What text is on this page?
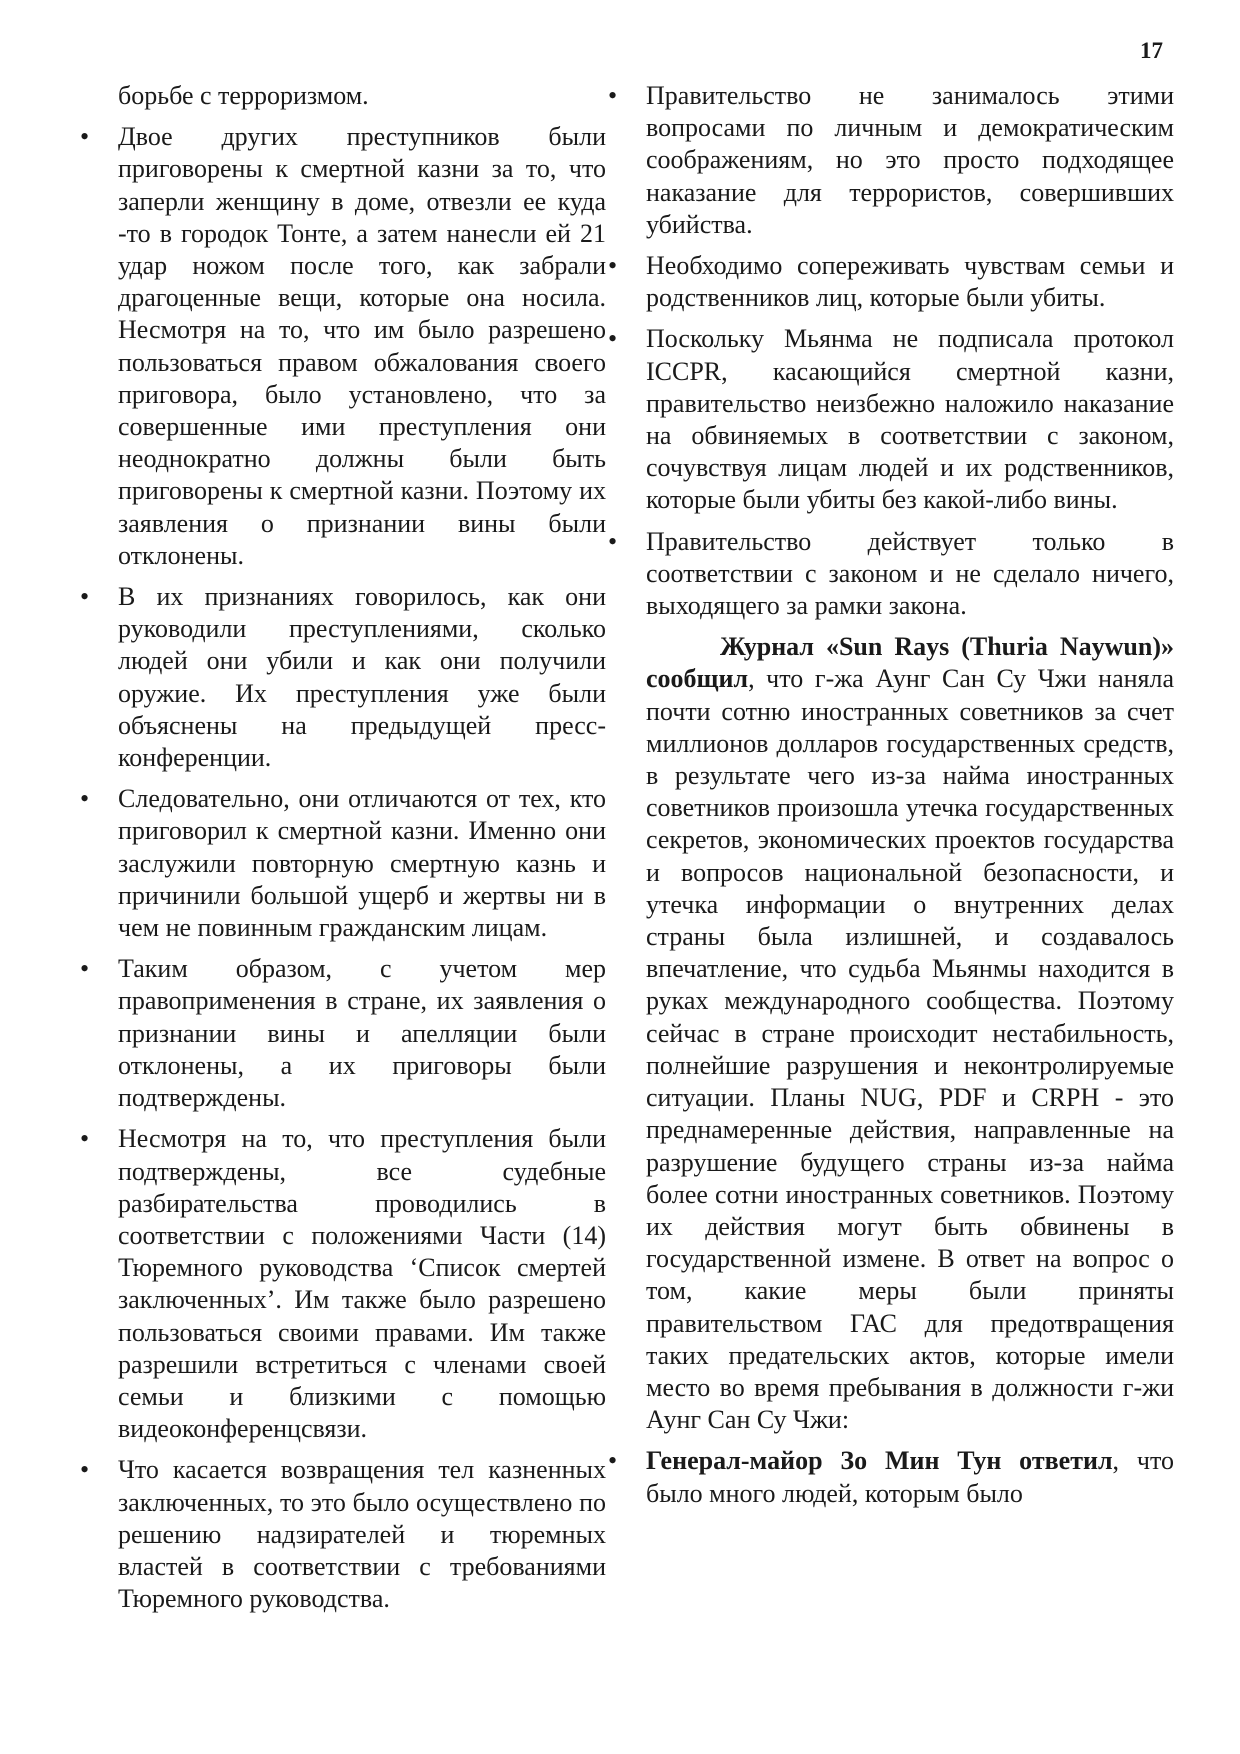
17

борьбе с терроризмом.

• Двое других преступников были приговорены к смертной казни за то, что заперли женщину в доме, отвезли ее куда -то в городок Тонте, а затем нанесли ей 21 удар ножом после того, как забрали драгоценные вещи, которые она носила. Несмотря на то, что им было разрешено пользоваться правом обжалования своего приговора, было установлено, что за совершенные ими преступления они неоднократно должны были быть приговорены к смертной казни. Поэтому их заявления о признании вины были отклонены.
• В их признаниях говорилось, как они руководили преступлениями, сколько людей они убили и как они получили оружие. Их преступления уже были объяснены на предыдущей пресс-конференции.
• Следовательно, они отличаются от тех, кто приговорил к смертной казни. Именно они заслужили повторную смертную казнь и причинили большой ущерб и жертвы ни в чем не повинным гражданским лицам.
• Таким образом, с учетом мер правоприменения в стране, их заявления о признании вины и апелляции были отклонены, а их приговоры были подтверждены.
• Несмотря на то, что преступления были подтверждены, все судебные разбирательства проводились в соответствии с положениями Части (14) Тюремного руководства ‘Список смертей заключенных’. Им также было разрешено пользоваться своими правами. Им также разрешили встретиться с членами своей семьи и близкими с помощью видеоконференцсвязи.
• Что касается возвращения тел казненных заключенных, то это было осуществлено по решению надзирателей и тюремных властей в соответствии с требованиями Тюремного руководства.
• Правительство не занималось этими вопросами по личным и демократическим соображениям, но это просто подходящее наказание для террористов, совершивших убийства.
• Необходимо сопереживать чувствам семьи и родственников лиц, которые были убиты.
• Поскольку Мьянма не подписала протокол ICCPR, касающийся смертной казни, правительство неизбежно наложило наказание на обвиняемых в соответствии с законом, сочувствуя лицам людей и их родственников, которые были убиты без какой-либо вины.
• Правительство действует только в соответствии с законом и не сделало ничего, выходящего за рамки закона.

Журнал «Sun Rays (Thuria Naywun)» сообщил, что г-жа Аунг Сан Су Чжи наняла почти сотню иностранных советников за счет миллионов долларов государственных средств, в результате чего из-за найма иностранных советников произошла утечка государственных секретов, экономических проектов государства и вопросов национальной безопасности, и утечка информации о внутренних делах страны была излишней, и создавалось впечатление, что судьба Мьянмы находится в руках международного сообщества. Поэтому сейчас в стране происходит нестабильность, полнейшие разрушения и неконтролируемые ситуации. Планы NUG, PDF и CRPH - это преднамеренные действия, направленные на разрушение будущего страны из-за найма более сотни иностранных советников. Поэтому их действия могут быть обвинены в государственной измене. В ответ на вопрос о том, какие меры были приняты правительством ГАС для предотвращения таких предательских актов, которые имели место во время пребывания в должности г-жи Аунг Сан Су Чжи:

• Генерал-майор Зо Мин Тун ответил, что было много людей, которым было
